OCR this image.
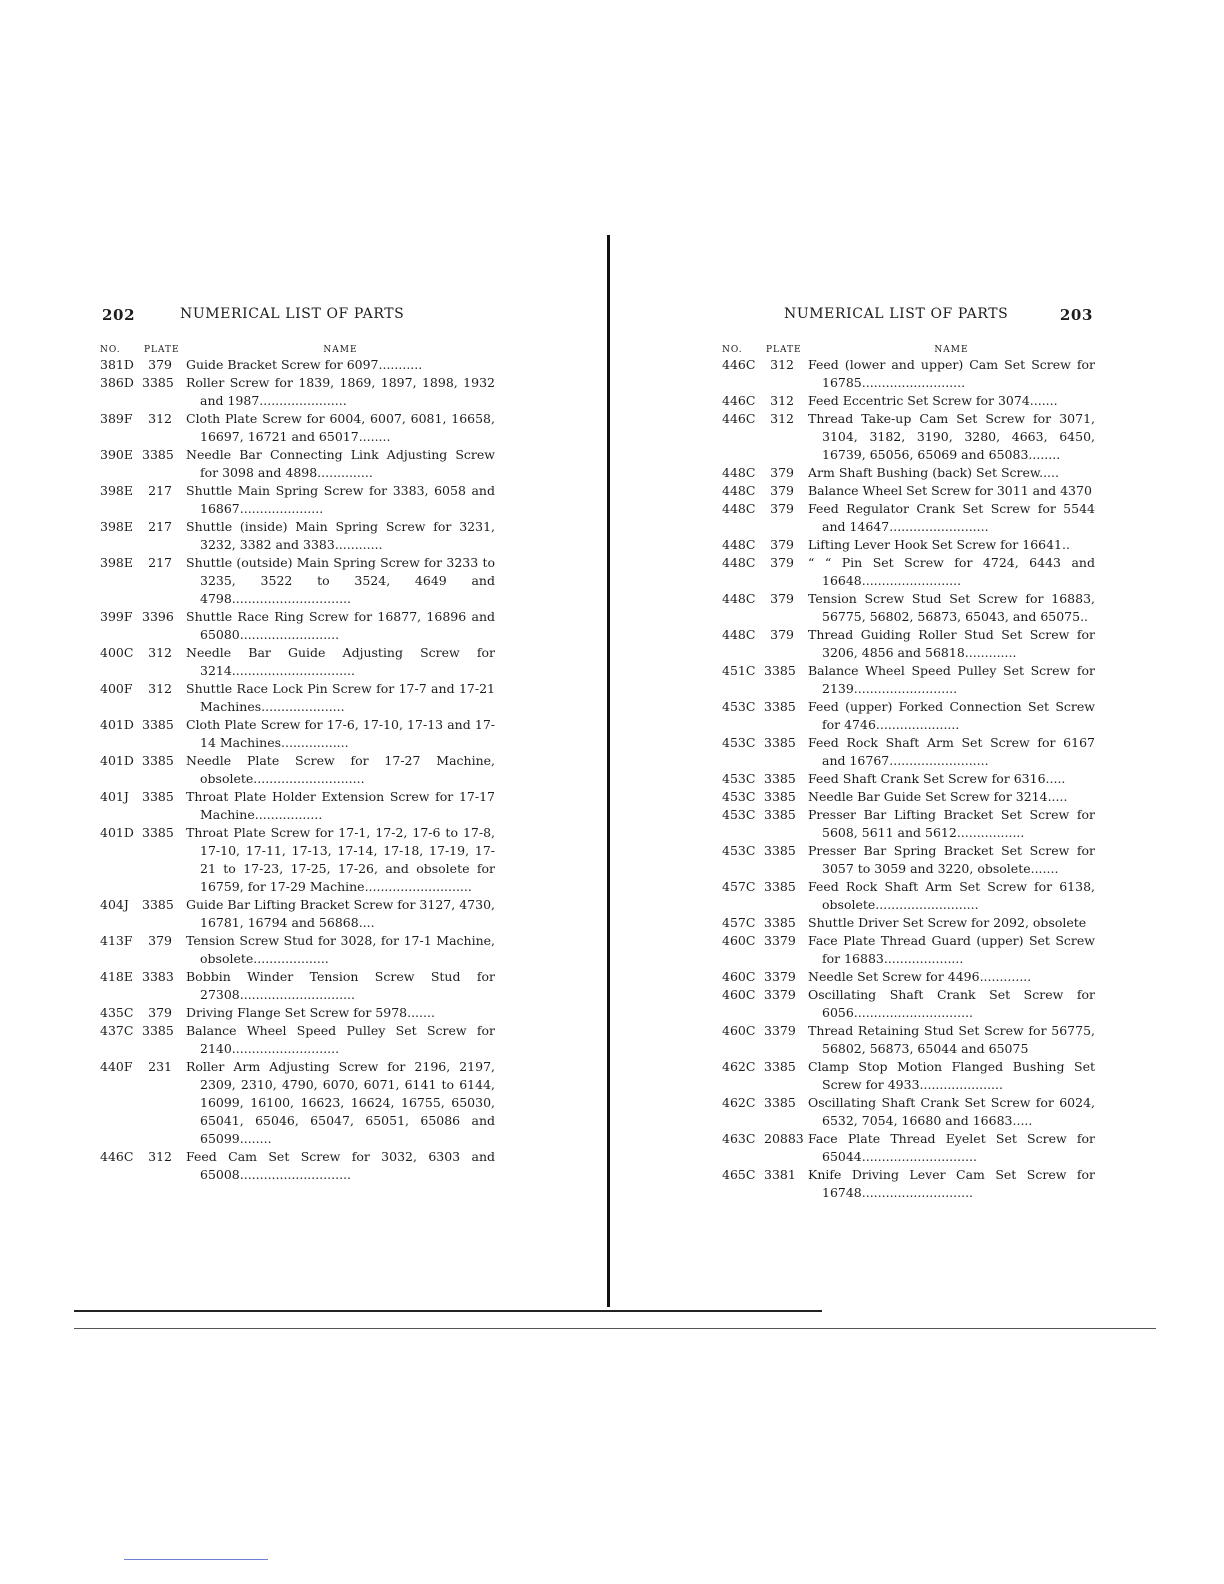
202	NUMERICAL LIST OF PARTS
NO.	PLATE	NAME
381D	379	Guide Bracket Screw for 6097...........
386D 3385 Roller Screw for 1839, 1869, 1897, 1898, 1932 and 1987......................
389F	312	Cloth Plate Screw for 6004, 6007, 6081, 16658, 16697, 16721 and 65017........
390E 3385 Needle Bar Connecting Link Adjusting Screw for 3098 and 4898..............
398E	217	Shuttle Main Spring Screw for 3383, 6058 and 16867.....................
398E	217	Shuttle (inside) Main Spring Screw for 3231, 3232, 3382 and 3383............
398E	217	Shuttle (outside) Main Spring Screw for 3233 to 3235, 3522 to 3524, 4649 and 4798..............................
399F 3396 Shuttle Race Ring Screw for 16877, 16896 and 65080.........................
400C	312	Needle Bar Guide Adjusting Screw for 3214...............................
400F	312	Shuttle Race Lock Pin Screw for 17-7 and 17-21 Machines.....................
401D 3385 Cloth Plate Screw for 17-6, 17-10, 17-13 and 17-14 Machines.................
401D 3385 Needle Plate Screw for 17-27 Machine, obsolete............................
401J	3385 Throat Plate Holder Extension Screw for 17-17 Machine.................
401D 3385 Throat Plate Screw for 17-1, 17-2, 17-6 to 17-8, 17-10, 17-11, 17-13, 17-14, 17-18, 17-19, 17-21 to 17-23, 17-25, 17-26, and obsolete for 16759, for 17-29 Machine...........................
404J	3385 Guide Bar Lifting Bracket Screw for 3127, 4730, 16781, 16794 and 56868....
413F	379	Tension Screw Stud for 3028, for 17-1 Machine, obsolete...................
418E 3383 Bobbin Winder Tension Screw Stud for 27308.............................
435C	379	Driving Flange Set Screw for 5978.......
437C 3385 Balance Wheel Speed Pulley Set Screw for 2140...........................
440F	231	Roller Arm Adjusting Screw for 2196, 2197, 2309, 2310, 4790, 6070, 6071, 6141 to 6144, 16099, 16100, 16623, 16624, 16755, 65030, 65041, 65046, 65047, 65051, 65086 and 65099........
446C	312	Feed Cam Set Screw for 3032, 6303 and 65008............................
NUMERICAL LIST OF PARTS	203
NO.	PLATE	NAME
446C	312	Feed (lower and upper) Cam Set Screw for 16785..........................
446C	312	Feed Eccentric Set Screw for 3074.......
446C	312	Thread Take-up Cam Set Screw for 3071, 3104, 3182, 3190, 3280, 4663, 6450, 16739, 65056, 65069 and 65083........
448C	379	Arm Shaft Bushing (back) Set Screw.....
448C	379	Balance Wheel Set Screw for 3011 and 4370
448C	379	Feed Regulator Crank Set Screw for 5544 and 14647.........................
448C	379	Lifting Lever Hook Set Screw for 16641..
448C	379	“ “ Pin Set Screw for 4724, 6443 and 16648.........................
448C	379	Tension Screw Stud Set Screw for 16883, 56775, 56802, 56873, 65043, and 65075..
448C	379	Thread Guiding Roller Stud Set Screw for 3206, 4856 and 56818.............
451C 3385 Balance Wheel Speed Pulley Set Screw for 2139..........................
453C 3385 Feed (upper) Forked Connection Set Screw for 4746.....................
453C 3385 Feed Rock Shaft Arm Set Screw for 6167 and 16767.........................
453C 3385 Feed Shaft Crank Set Screw for 6316.....
453C 3385 Needle Bar Guide Set Screw for 3214.....
453C 3385 Presser Bar Lifting Bracket Set Screw for 5608, 5611 and 5612.................
453C 3385 Presser Bar Spring Bracket Set Screw for 3057 to 3059 and 3220, obsolete.......
457C 3385 Feed Rock Shaft Arm Set Screw for 6138, obsolete..........................
457C 3385 Shuttle Driver Set Screw for 2092, obsolete
460C 3379 Face Plate Thread Guard (upper) Set Screw for 16883....................
460C 3379 Needle Set Screw for 4496.............
460C 3379 Oscillating Shaft Crank Set Screw for 6056..............................
460C 3379 Thread Retaining Stud Set Screw for 56775, 56802, 56873, 65044 and 65075
462C 3385 Clamp Stop Motion Flanged Bushing Set Screw for 4933.....................
462C 3385 Oscillating Shaft Crank Set Screw for 6024, 6532, 7054, 16680 and 16683.....
463C 20883 Face Plate Thread Eyelet Set Screw for 65044.............................
465C 3381 Knife Driving Lever Cam Set Screw for 16748............................
